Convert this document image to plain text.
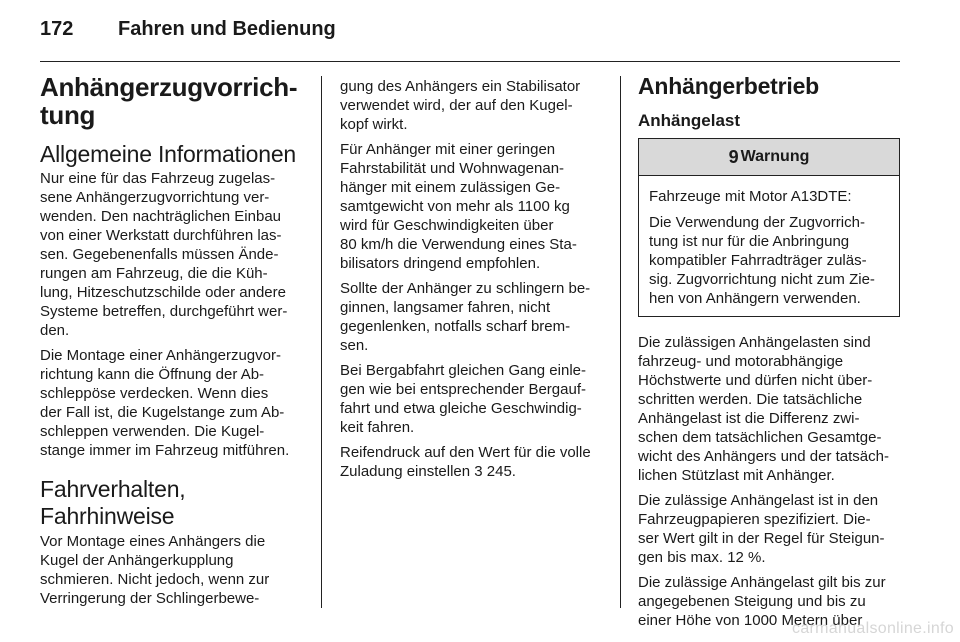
172 Fahren und Bedienung
Anhängerzugvorrich-
tung
Allgemeine Informationen

Nur eine für das Fahrzeug zugelas-
sene Anhängerzugvorrichtung ver-
wenden. Den nachträglichen Einbau
von einer Werkstatt durchführen las-
sen. Gegebenenfalls müssen Ände-
rungen am Fahrzeug, die die Küh-
lung, Hitzeschutzschilde oder andere
Systeme betreffen, durchgeführt wer-
den.

Die Montage einer Anhängerzugvor-
richtung kann die Öffnung der Ab-
schleppöse verdecken. Wenn dies
der Fall ist, die Kugelstange zum Ab-
schleppen verwenden. Die Kugel-
stange immer im Fahrzeug mitführen.

Fahrverhalten,
Fahrhinweise

Vor Montage eines Anhängers die
Kugel der Anhängerkupplung
schmieren. Nicht jedoch, wenn zur
Verringerung der Schlingerbewe-

gung des Anhängers ein Stabilisator
verwendet wird, der auf den Kugel-
kopf wirkt.

Für Anhänger mit einer geringen
Fahrstabilität und Wohnwagenan-
hänger mit einem zulässigen Ge-
samtgewicht von mehr als 1100 kg
wird für Geschwindigkeiten über
80 km/h die Verwendung eines Sta-
bilisators dringend empfohlen.

Sollte der Anhänger zu schlingern be-
ginnen, langsamer fahren, nicht
gegenlenken, notfalls scharf brem-
sen.

Bei Bergabfahrt gleichen Gang einle-
gen wie bei entsprechender Bergauf-
fahrt und etwa gleiche Geschwindig-
keit fahren.

Reifendruck auf den Wert für die volle
Zuladung einstellen 3 245.

Anhängerbetrieb
Anhängelast
9 Warnung

Fahrzeuge mit Motor A13DTE:

Die Verwendung der Zugvorrich-
tung ist nur für die Anbringung
kompatibler Fahrradträger zuläs-
sig. Zugvorrichtung nicht zum Zie-
hen von Anhängern verwenden.

Die zulässigen Anhängelasten sind
fahrzeug- und motorabhängige
Höchstwerte und dürfen nicht über-
schritten werden. Die tatsächliche
Anhängelast ist die Differenz zwi-
schen dem tatsächlichen Gesamtge-
wicht des Anhängers und der tatsäch-
lichen Stützlast mit Anhänger.

Die zulässige Anhängelast ist in den
Fahrzeugpapieren spezifiziert. Die-
ser Wert gilt in der Regel für Steigun-
gen bis max. 12 %.

Die zulässige Anhängelast gilt bis zur
angegebenen Steigung und bis zu
einer Höhe von 1000 Metern über

carmanualsonline.info
